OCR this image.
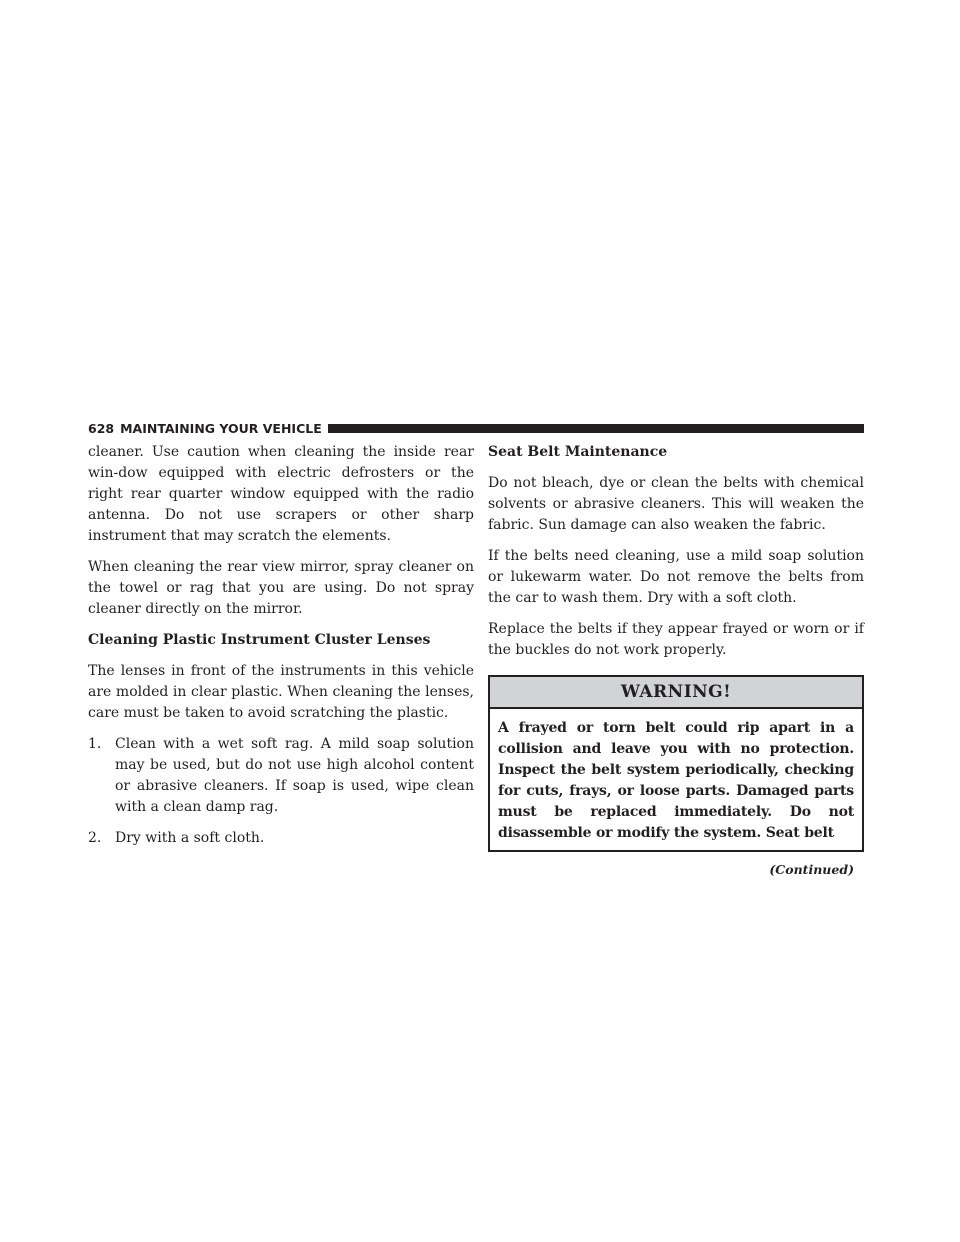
628 MAINTAINING YOUR VEHICLE

cleaner. Use caution when cleaning the inside rear win-dow equipped with electric defrosters or the right rear quarter window equipped with the radio antenna. Do not use scrapers or other sharp instrument that may scratch the elements.

When cleaning the rear view mirror, spray cleaner on the towel or rag that you are using. Do not spray cleaner directly on the mirror.

Cleaning Plastic Instrument Cluster Lenses

The lenses in front of the instruments in this vehicle are molded in clear plastic. When cleaning the lenses, care must be taken to avoid scratching the plastic.

1. Clean with a wet soft rag. A mild soap solution may be used, but do not use high alcohol content or abrasive cleaners. If soap is used, wipe clean with a clean damp rag.
2. Dry with a soft cloth.
Seat Belt Maintenance

Do not bleach, dye or clean the belts with chemical solvents or abrasive cleaners. This will weaken the fabric. Sun damage can also weaken the fabric.

If the belts need cleaning, use a mild soap solution or lukewarm water. Do not remove the belts from the car to wash them. Dry with a soft cloth.

Replace the belts if they appear frayed or worn or if the buckles do not work properly.

WARNING!
A frayed or torn belt could rip apart in a collision and leave you with no protection. Inspect the belt system periodically, checking for cuts, frays, or loose parts. Damaged parts must be replaced immediately. Do not disassemble or modify the system. Seat belt
(Continued)
